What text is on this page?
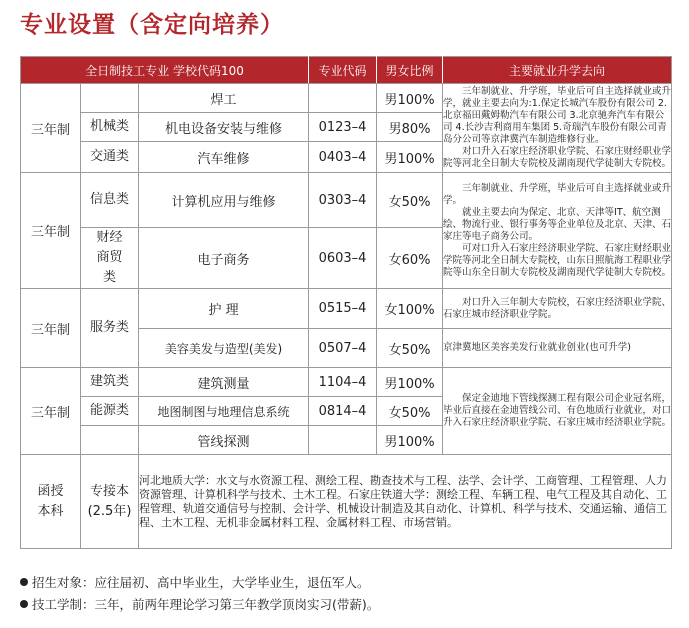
专业设置（含定向培养）
全日制技工专业 学校代码100			专业代码	男女比例	主要就业升学去向
三年制		焊工		男100%	三年制就业、升学班，毕业后可自主选择就业或升学，就业主要去向为:1.保定长城汽车股份有限公司 2.北京福田戴姆勒汽车有限公司 3.北京驰奔汽车有限公司 4.长沙吉利商用车集团 5.奇瑞汽车股份有限公司青岛分公司等京津冀汽车制造维修行业。

对口升入石家庄经济职业学院、石家庄财经职业学院等河北全日制大专院校及湖南现代学徒制大专院校。

	机械类	机电设备安装与维修	0123–4	男80%	
	交通类	汽车维修	0403–4	男100%	
三年制	信息类	计算机应用与维修	0303–4	女50%	三年制就业、升学班，毕业后可自主选择就业或升学。

就业主要去向为保定、北京、天津等IT、航空测绘、物流行业、银行事务等企业单位及北京、天津、石家庄等电子商务公司。

可对口升入石家庄经济职业学院、石家庄财经职业学院等河北全日制大专院校，山东日照航海工程职业学院等山东全日制大专院校及湖南现代学徒制大专院校。

	财经商贸类	电子商务	0603–4	女60%	
三年制	服务类	护 理	0515–4	女100%	对口升入三年制大专院校，石家庄经济职业学院、石家庄城市经济职业学院。

		美容美发与造型(美发)	0507–4	女50%	京津冀地区美容美发行业就业创业(也可升学)
三年制	建筑类	建筑测量	1104–4	男100%	保定金迪地下管线探测工程有限公司企业冠名班，毕业后直接在金迪管线公司、有色地质行业就业，对口升入石家庄经济职业学院、石家庄城市经济职业学院。

	能源类	地图制图与地理信息系统	0814–4	女50%	
		管线探测		男100%	
函授本科	专接本(2.5年)	河北地质大学：水文与水资源工程、测绘工程、勘查技术与工程、法学、会计学、工商管理、工程管理、人力资源管理、计算机科学与技术、土木工程。石家庄铁道大学：测绘工程、车辆工程、电气工程及其自动化、工程管理、轨道交通信号与控制、会计学、机械设计制造及其自动化、计算机、科学与技术、交通运输、通信工程、土木工程、无机非金属材料工程、金属材料工程、市场营销。			
招生对象：应往届初、高中毕业生，大学毕业生，退伍军人。
技工学制：三年，前两年理论学习第三年教学顶岗实习(带薪)。
